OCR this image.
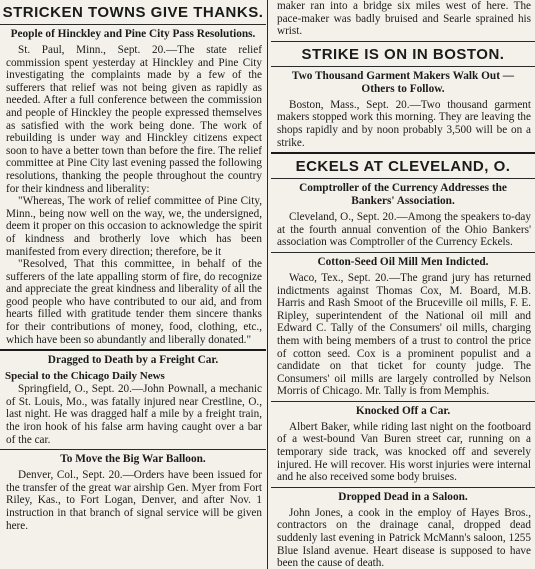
STRICKEN TOWNS GIVE THANKS.
People of Hinckley and Pine City Pass Resolutions.

St. Paul, Minn., Sept. 20.—The state relief commission spent yesterday at Hinckley and Pine City investigating the complaints made by a few of the sufferers that relief was not being given as rapidly as needed. After a full conference between the commission and people of Hinckley the people expressed themselves as satisfied with the work being done. The work of rebuilding is under way and Hinckley citizens expect soon to have a better town than before the fire. The relief committee at Pine City last evening passed the following resolutions, thanking the people throughout the country for their kindness and liberality:

"Whereas, The work of relief committee of Pine City, Minn., being now well on the way, we, the undersigned, deem it proper on this occasion to acknowledge the spirit of kindness and brotherly love which has been manifested from every direction; therefore, be it

"Resolved, That this committee, in behalf of the sufferers of the late appalling storm of fire, do recognize and appreciate the great kindness and liberality of all the good people who have contributed to our aid, and from hearts filled with gratitude tender them sincere thanks for their contributions of money, food, clothing, etc., which have been so abundantly and liberally donated."

Dragged to Death by a Freight Car.
Special to the Chicago Daily News

Springfield, O., Sept. 20.—John Pownall, a mechanic of St. Louis, Mo., was fatally injured near Crestline, O., last night. He was dragged half a mile by a freight train, the iron hook of his false arm having caught over a bar of the car.

To Move the Big War Balloon.

Denver, Col., Sept. 20.—Orders have been issued for the transfer of the great war airship Gen. Myer from Fort Riley, Kas., to Fort Logan, Denver, and after Nov. 1 instruction in that branch of signal service will be given here.

maker ran into a bridge six miles west of here. The pace-maker was badly bruised and Searle sprained his wrist.

STRIKE IS ON IN BOSTON.
Two Thousand Garment Makers Walk Out —Others to Follow.

Boston, Mass., Sept. 20.—Two thousand garment makers stopped work this morning. They are leaving the shops rapidly and by noon probably 3,500 will be on a strike.

ECKELS AT CLEVELAND, O.
Comptroller of the Currency Addresses the Bankers' Association.

Cleveland, O., Sept. 20.—Among the speakers to-day at the fourth annual convention of the Ohio Bankers' association was Comptroller of the Currency Eckels.

Cotton-Seed Oil Mill Men Indicted.

Waco, Tex., Sept. 20.—The grand jury has returned indictments against Thomas Cox, M. Board, M.B. Harris and Rash Smoot of the Bruceville oil mills, F. E. Ripley, superintendent of the National oil mill and Edward C. Tally of the Consumers' oil mills, charging them with being members of a trust to control the price of cotton seed. Cox is a prominent populist and a candidate on that ticket for county judge. The Consumers' oil mills are largely controlled by Nelson Morris of Chicago. Mr. Tally is from Memphis.

Knocked Off a Car.

Albert Baker, while riding last night on the footboard of a west-bound Van Buren street car, running on a temporary side track, was knocked off and severely injured. He will recover. His worst injuries were internal and he also received some body bruises.

Dropped Dead in a Saloon.

John Jones, a cook in the employ of Hayes Bros., contractors on the drainage canal, dropped dead suddenly last evening in Patrick McMann's saloon, 1255 Blue Island avenue. Heart disease is supposed to have been the cause of death.
